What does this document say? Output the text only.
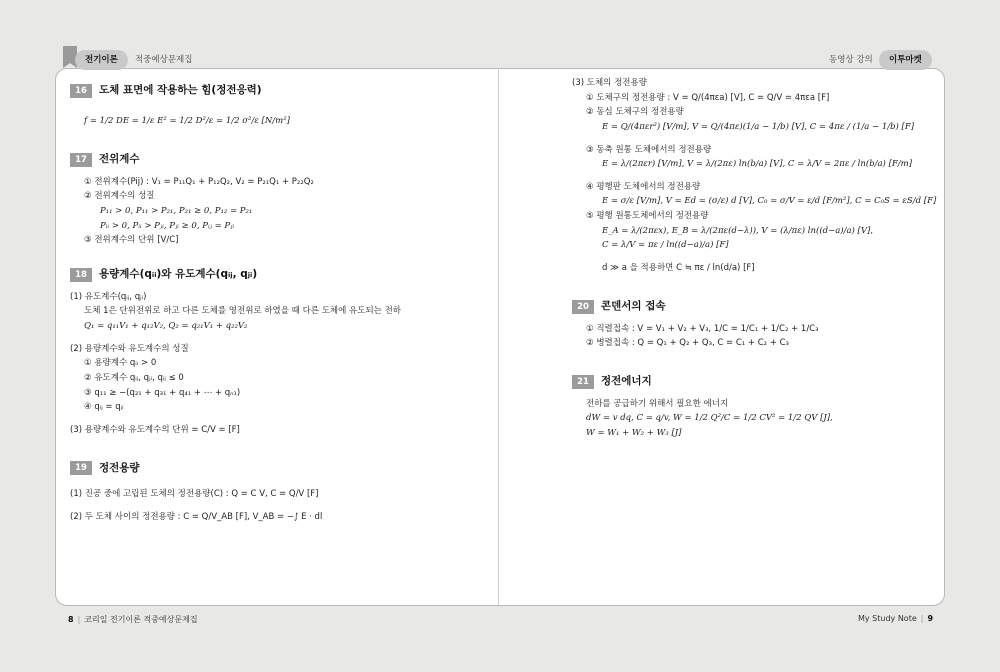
전기이론	적중예상문제집	동영상 강의	이투마켓
16	도체 표면에 작용하는 힘(정전응력)
f = 1/2 DE = 1/ε E² = 1/2 D²/ε = 1/2 σ²/ε [N/m²]
17	전위계수
① 전위계수(Pij) : V₁ = P₁₁Q₁ + P₁₂Q₂, V₂ = P₂₁Q₁ + P₂₂Q₂
② 전위계수의 성질
P₁₁ > 0, P₁₁ > P₂₁, P₂₁ ≥ 0, P₁₂ = P₂₁
Pᵢᵢ > 0, Pᵢᵢ > Pⱼᵢ, Pⱼᵢ ≥ 0, Pᵢⱼ = Pⱼᵢ
③ 전위계수의 단위 [V/C]
18	용량계수(qᵢᵢ)와 유도계수(qᵢⱼ, qⱼᵢ)
(1) 유도계수(qᵢⱼ, qⱼᵢ)
도체 1은 단위전위로 하고 다른 도체를 영전위로 하였을 때 다른 도체에 유도되는 전하
Q₁ = q₁₁V₁ + q₁₂V₂, Q₂ = q₂₁V₁ + q₂₂V₂
(2) 용량계수와 유도계수의 성질
① 용량계수 qᵢᵢ > 0
② 유도계수 qᵢⱼ, qⱼᵢ, qᵢⱼ ≤ 0
③ q₁₁ ≥ −(q₂₁ + q₃₁ + q₄₁ + ⋯ + qₙ₁)
④ qᵢⱼ = qⱼᵢ
(3) 용량계수와 유도계수의 단위 = C/V = [F]
19	정전용량
(1) 진공 중에 고립된 도체의 정전용량(C) : Q = C V, C = Q/V [F]
(2) 두 도체 사이의 정전용량 : C = Q/V_AB [F], V_AB = −∫ E · dl
(3) 도체의 정전용량
① 도체구의 정전용량 : V = Q/(4πεa) [V], C = Q/V = 4πεa [F]
② 동심 도체구의 정전용량
E = Q/(4πεr²) [V/m], V = Q/(4πε)(1/a − 1/b) [V], C = 4πε / (1/a − 1/b) [F]
③ 동축 원통 도체에서의 정전용량
E = λ/(2πεr) [V/m], V = λ/(2πε) ln(b/a) [V], C = λ/V = 2πε / ln(b/a) [F/m]
④ 평행판 도체에서의 정전용량
E = σ/ε [V/m], V = Ed = (σ/ε) d [V], C₀ = σ/V = ε/d [F/m²], C = C₀S = εS/d [F]
⑤ 평행 원통도체에서의 정전용량
E_A = λ/(2πεx), E_B = λ/(2πε(d−λ)), V = (λ/πε) ln((d−a)/a) [V],
C = λ/V = πε / ln((d−a)/a) [F]
d ≫ a 을 적용하면 C ≒ πε / ln(d/a) [F]
20	콘덴서의 접속
① 직렬접속 : V = V₁ + V₂ + V₃, 1/C = 1/C₁ + 1/C₂ + 1/C₃
② 병렬접속 : Q = Q₁ + Q₂ + Q₃, C = C₁ + C₂ + C₃
21	정전에너지
전하를 공급하기 위해서 필요한 에너지
dW = v dq, C = q/v, W = 1/2 Q²/C = 1/2 CV² = 1/2 QV [J],
W = W₁ + W₂ + W₃ [J]
8 | 코리일 전기이론 적중예상문제집	My Study Note | 9
